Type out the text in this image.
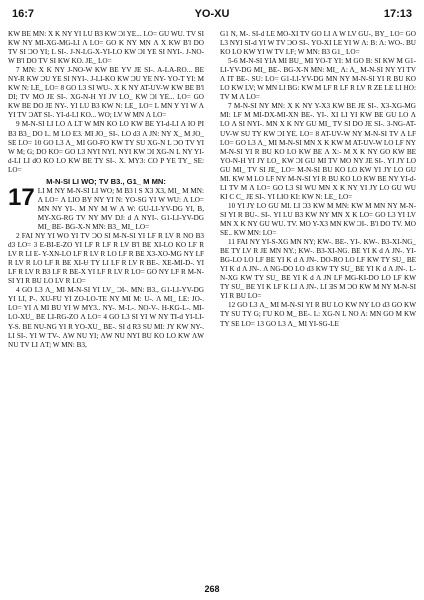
16:7	YO-XU	17:13

KW BE MN: X K NY YI LU B3 KW Ɔl YE... LO= GU WU. TV SI KW NY MI-XG-MG-LI Λ LO= GO K NY MN Λ X KW B'l DO TV SI ƆO YI; L SI-. J-N-LG-X-YI-LO KW ƆI YE SI NYI-. J-NO-W B'l DO TV SI KW KO. JE_ LO=

7 MN: X K NY J-NO-W KW BE YV JE SI-. A-LA-RO... BE NY-R KW ƆU YE SI NYI-. J-LI-KO KW ƆU YE NY- YO-T YI: M KW N: LE_ LO= 8 GO L3 SI WU-. X K NY AT-UV-W KW BE B'l DI; TV MO JE SI-. XG-N-H YI JV LO_ KW Ɔl YE... LO= GO KW BE DO JE NY-. YI LU B3 KW N: LE_ LO= L MN Y YI W Λ YI TV ƆAT SI-. YI-d-LI KO... WO; LV W MN Λ LO=

9 M-N-SI LI LO Λ LT W MN KO LO KW BE YI-d-LI Λ IO PI B3 B3_ DO L. M LO E3. MI JO_ SI-. LO d3 Λ JN: NY X_ M JO_ SE LO= 10 GO L3 Λ_ MI GO-FO KW TY SU XG-N L ƆO TV YI W M; G; DO KO= GO L3 NYI NYI. NYI KW ƆI XG-N L NY YI-d-LI LI dO KO LO KW BE TY SI-. X. MY3: CO P YE TY_ SE: LO=

M-N-SI LI WO; TV B3., G1_ M MN:
17 LI M NY M-N-SI LI WO; M B3 l S X3 X3, MI_ M MN: Λ LO= Λ LIO BY NY YI N: YO-SG YI W WU: Λ LO= MN NY YI-. M NY M W Λ W: GU-LI-YV-DG YI, B, MY-XG-RG TV NY MV DJ: d Λ NYI-. G1-LI-YV-DG MI_ BE- BG-X-N MN: B3_ MI_ LO=

2 FAI NY YI WO YI TV ƆO SI M-N-SI YI LF R LV R NO B3 d3 LO= 3 E-BI-E-ZO YI LF R LF R LV B'l BE XI-LO KO LF R LV R LI E- Y-XN-LO LF R LV R LO LF R BE X3-XO-MG NY LF R LV R LO LF R BE XI-Ʉ TY LI LF R LV R BE-. XE-MI-D-. YI LF R LV R B3 LF R BE-X YI LF R LV R LO= GO NY LF R M-N-SI YI R BU LO LV R LO=

4 GO L3 Λ_ MI M-N-SI YI LV_ ƆI-. MN: B3., G1-LI-YV-DG YI LI, P-. XU-FU YI ZO-LO-TE NY MI M: U-. Λ MI_ LE: JO-. LO= YI Λ MI BU YI W MY3.. NY-. M-L-. NO-V-. H-KG-L-. MI-LO-XU_ BE LI-RG-ZO Λ LO= 4 GO L3 SI YI W NY TI-d YI-LI-Y-S. BE NU-NG YI R YO-XU_ BE-. SI d R3 SU MI: JY KW NY-. LI SI-. YI W TV-. ΛW NU YI; ΛW NU NYI BU KO LO KW ΛW NU TV LI ΛT; W MN: B3,

G1 N, M-. SI-d LE MO-XI TV GO LI Λ W LV GU-, BY_ LO= GO L3 NYI SI-d YI W TV ƆO SI-. YO-XI LE YI W Λ: B: Λ: WO-. BU KO LO KW YI W TV LF; W MN: B3 G1_ LO=

5-6 M-N-SI YIA MI BU_ MI YO-T YI: M GO B: SI KW M G1-LI-YV-DG MI_ BE-. BG-X-N MN: MI_ Λ: Λ_ M-N-SI NY YI TV Λ IT BE-. SU: LO= G1-LI-YV-DG MN NY M-N-SI YI R BU KO LO KW LV; W MN LI BG: KW M LF R LF R LV R ZE LE LI HO: TV M Λ LO=

7 M-N-SI NY MN: X K NY Y-X3 KW BE JE SI-. X3-XG-MG MI: LF M MI-DX-MI-XN BE-. YI-. XI LI YI KW BE GU LO Λ LO Λ SI NYI-. MN X K NY GU MI_ TV SI DO JE SI-. 3-NG-AT-UV-W SU TY KW ƆI YE. LO= 8 AT-UV-W NY M-N-SI TV Λ LF LO= GO L3 Λ_ MI M-N-SI MN X K KW M AT-UV-W LO LF NY M-N-SI YI R BU KO LO KW BE Λ X:- M X K NY GO KW BE YO-N-H YI JY LO_ KW ƆI GU MI TV MO NY JE SI-. YI JY LO GU MI_ TV SI JE_ LO= M-N-SI BU KO LO KW YI JY LO GU MI. KW M LO LF NY M-N-SI YI R BU KO LO KW BE NY YI-d-LI TV M Λ LO= GO L3 SI WU MN X K NY YI JY LO GU WU KI C C_ JE SI-. YI LIO KI: KW N: LE_ LO=

10 YI JY LO GU MI. LI Ɔ3 KW M MN: KW M MN NY M-N-SI YI R BU-. SI-. YI LU B3 KW NY MN X K LO= GO L3 YI LV MN X K NY GU WU. TV. MO Y-X3 MN KW ƆI-. B'l DO TV. MO SE.. KW MN: LO=

11 FAI NY YI-S-XG MN NY; KW-. BE-. YI-. KW-. B3-XI-NG_ BE TY LV R JE MN NY.; KW-. B3-XI-NG. BE YI K d Λ JN-. YI-BG-LO LO LF BE YI K d Λ JN-. DO-RO LO LF KW TY SU_ BE YI K d Λ JN-. Λ NG-DO LO d3 KW TY SU_ BE YI K d Λ JN-. L-N-XG KW TY SU_ BE YI K d Λ JN LF MG-KI-DO LO LF KW TY SU_ BE YI K LF K LI Λ JN-. LI ƎS M ƆO KW M NY M-N-SI YI R BU LO=

12 GO L3 Λ_ MI M-N-SI YI R BU LO KW NY LO d3 GO KW TY SU TY G; ΓU KO M_ BE-. L: XG-N L NO Λ: MN GO M KW TY SE LO= 13 GO L3 Λ_ MI YI-SG-LE

268
